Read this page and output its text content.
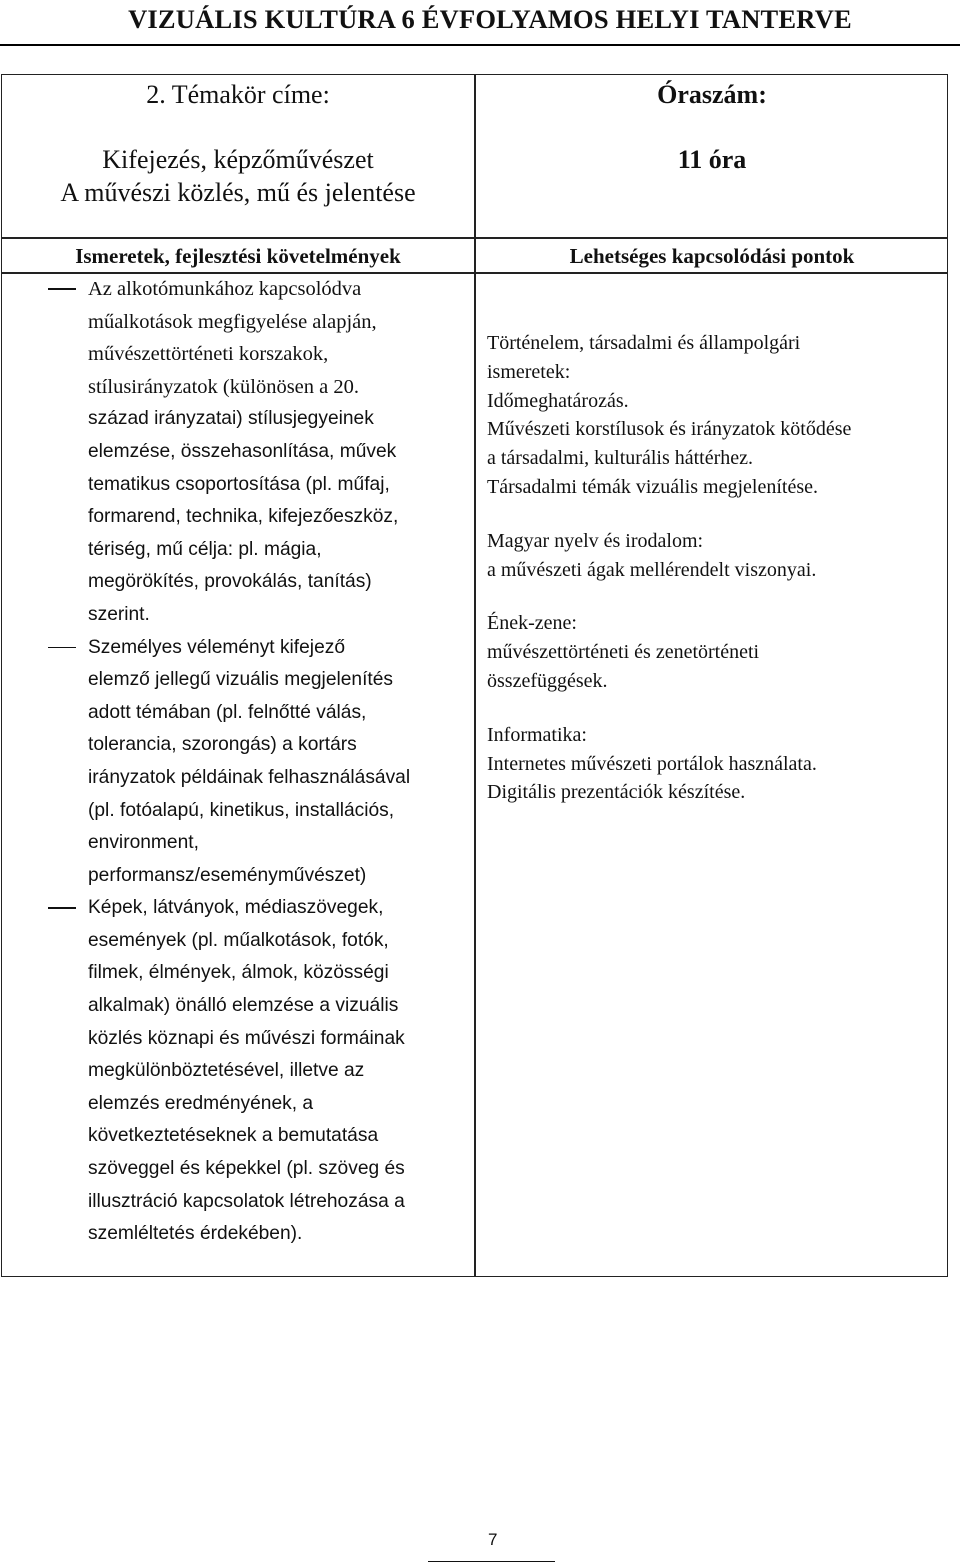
VIZUÁLIS KULTÚRA 6 ÉVFOLYAMOS HELYI TANTERVE
2. Témakör címe:
Kifejezés, képzőművészet
A művészi közlés, mű és jelentése
Óraszám:
11 óra
Ismeretek, fejlesztési követelmények	Lehetséges kapcsolódási pontok
Az alkotómunkához kapcsolódva
műalkotások megfigyelése alapján,
művészettörténeti korszakok,
stílusirányzatok (különösen a 20.
század irányzatai) stílusjegyeinek
elemzése, összehasonlítása, művek
tematikus csoportosítása (pl. műfaj,
formarend, technika, kifejezőeszköz,
tériség, mű célja: pl. mágia,
megörökítés, provokálás, tanítás)
szerint.
Személyes véleményt kifejező
elemző jellegű vizuális megjelenítés
adott témában (pl. felnőtté válás,
tolerancia, szorongás) a kortárs
irányzatok példáinak felhasználásával
(pl. fotóalapú, kinetikus, installációs,
environment,
performansz/eseményművészet)
Képek, látványok, médiaszövegek,
események (pl. műalkotások, fotók,
filmek, élmények, álmok, közösségi
alkalmak) önálló elemzése a vizuális
közlés köznapi és művészi formáinak
megkülönböztetésével, illetve az
elemzés eredményének, a
következtetéseknek a bemutatása
szöveggel és képekkel (pl. szöveg és
illusztráció kapcsolatok létrehozása a
szemléltetés érdekében).
Történelem, társadalmi és állampolgári
ismeretek:
Időmeghatározás.
Művészeti korstílusok és irányzatok kötődése
a társadalmi, kulturális háttérhez.
Társadalmi témák vizuális megjelenítése.
Magyar nyelv és irodalom:
a művészeti ágak mellérendelt viszonyai.
Ének-zene:
művészettörténeti és zenetörténeti
összefüggések.
Informatika:
Internetes művészeti portálok használata.
Digitális prezentációk készítése.
7
